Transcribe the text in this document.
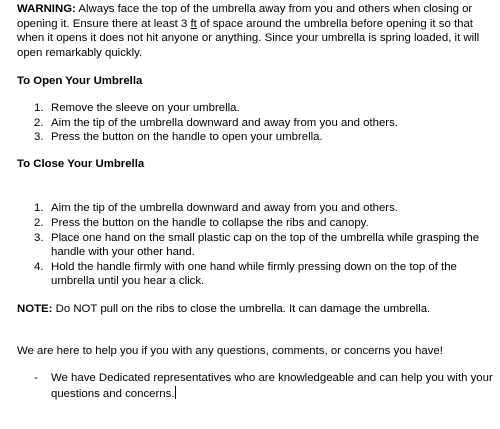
WARNING: Always face the top of the umbrella away from you and others when closing or opening it. Ensure there at least 3 ft of space around the umbrella before opening it so that when it opens it does not hit anyone or anything. Since your umbrella is spring loaded, it will open remarkably quickly.

To Open Your Umbrella

1. Remove the sleeve on your umbrella.
2. Aim the tip of the umbrella downward and away from you and others.
3. Press the button on the handle to open your umbrella.

To Close Your Umbrella

1. Aim the tip of the umbrella downward and away from you and others.
2. Press the button on the handle to collapse the ribs and canopy.
3. Place one hand on the small plastic cap on the top of the umbrella while grasping the handle with your other hand.
4. Hold the handle firmly with one hand while firmly pressing down on the top of the umbrella until you hear a click.

NOTE: Do NOT pull on the ribs to close the umbrella. It can damage the umbrella.

We are here to help you if you with any questions, comments, or concerns you have!

- We have Dedicated representatives who are knowledgeable and can help you with your questions and concerns.
